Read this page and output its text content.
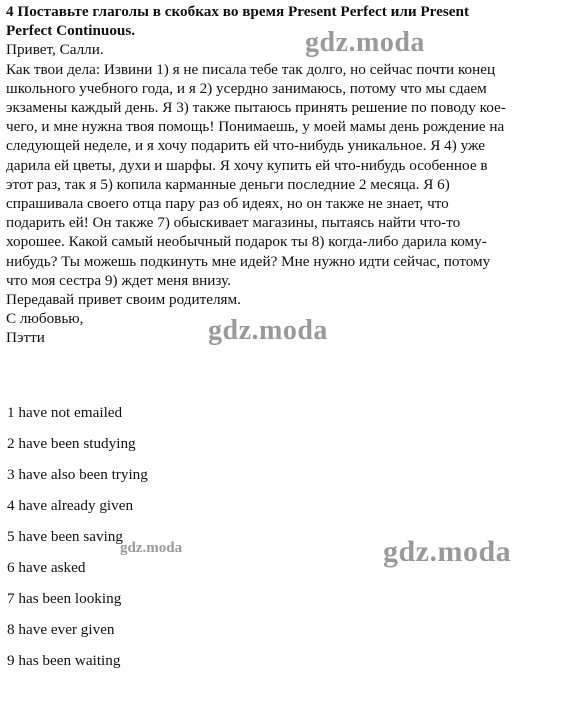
4 Поставьте глаголы в скобках во время Present Perfect или Present
Perfect Continuous.
Привет, Салли.
Как твои дела: Извини 1) я не писала тебе так долго, но сейчас почти конец
школьного учебного года, и я 2) усердно занимаюсь, потому что мы сдаем
экзамены каждый день. Я 3) также пытаюсь принять решение по поводу кое-
чего, и мне нужна твоя помощь! Понимаешь, у моей мамы день рождение на
следующей неделе, и я хочу подарить ей что-нибудь уникальное. Я 4) уже
дарила ей цветы, духи и шарфы. Я хочу купить ей что-нибудь особенное в
этот раз, так я 5) копила карманные деньги последние 2 месяца. Я 6)
спрашивала своего отца пару раз об идеях, но он также не знает, что
подарить ей! Он также 7) обыскивает магазины, пытаясь найти что-то
хорошее. Какой самый необычный подарок ты 8) когда-либо дарила кому-
нибудь? Ты можешь подкинуть мне идей? Мне нужно идти сейчас, потому
что моя сестра 9) ждет меня внизу.
Передавай привет своим родителям.
С любовью,
Пэтти
1 have not emailed
2 have been studying
3 have also been trying
4 have already given
5 have been saving
6 have asked
7 has been looking
8 have ever given
9 has been waiting
gdz.moda
gdz.moda
gdz.moda	gdz.moda
